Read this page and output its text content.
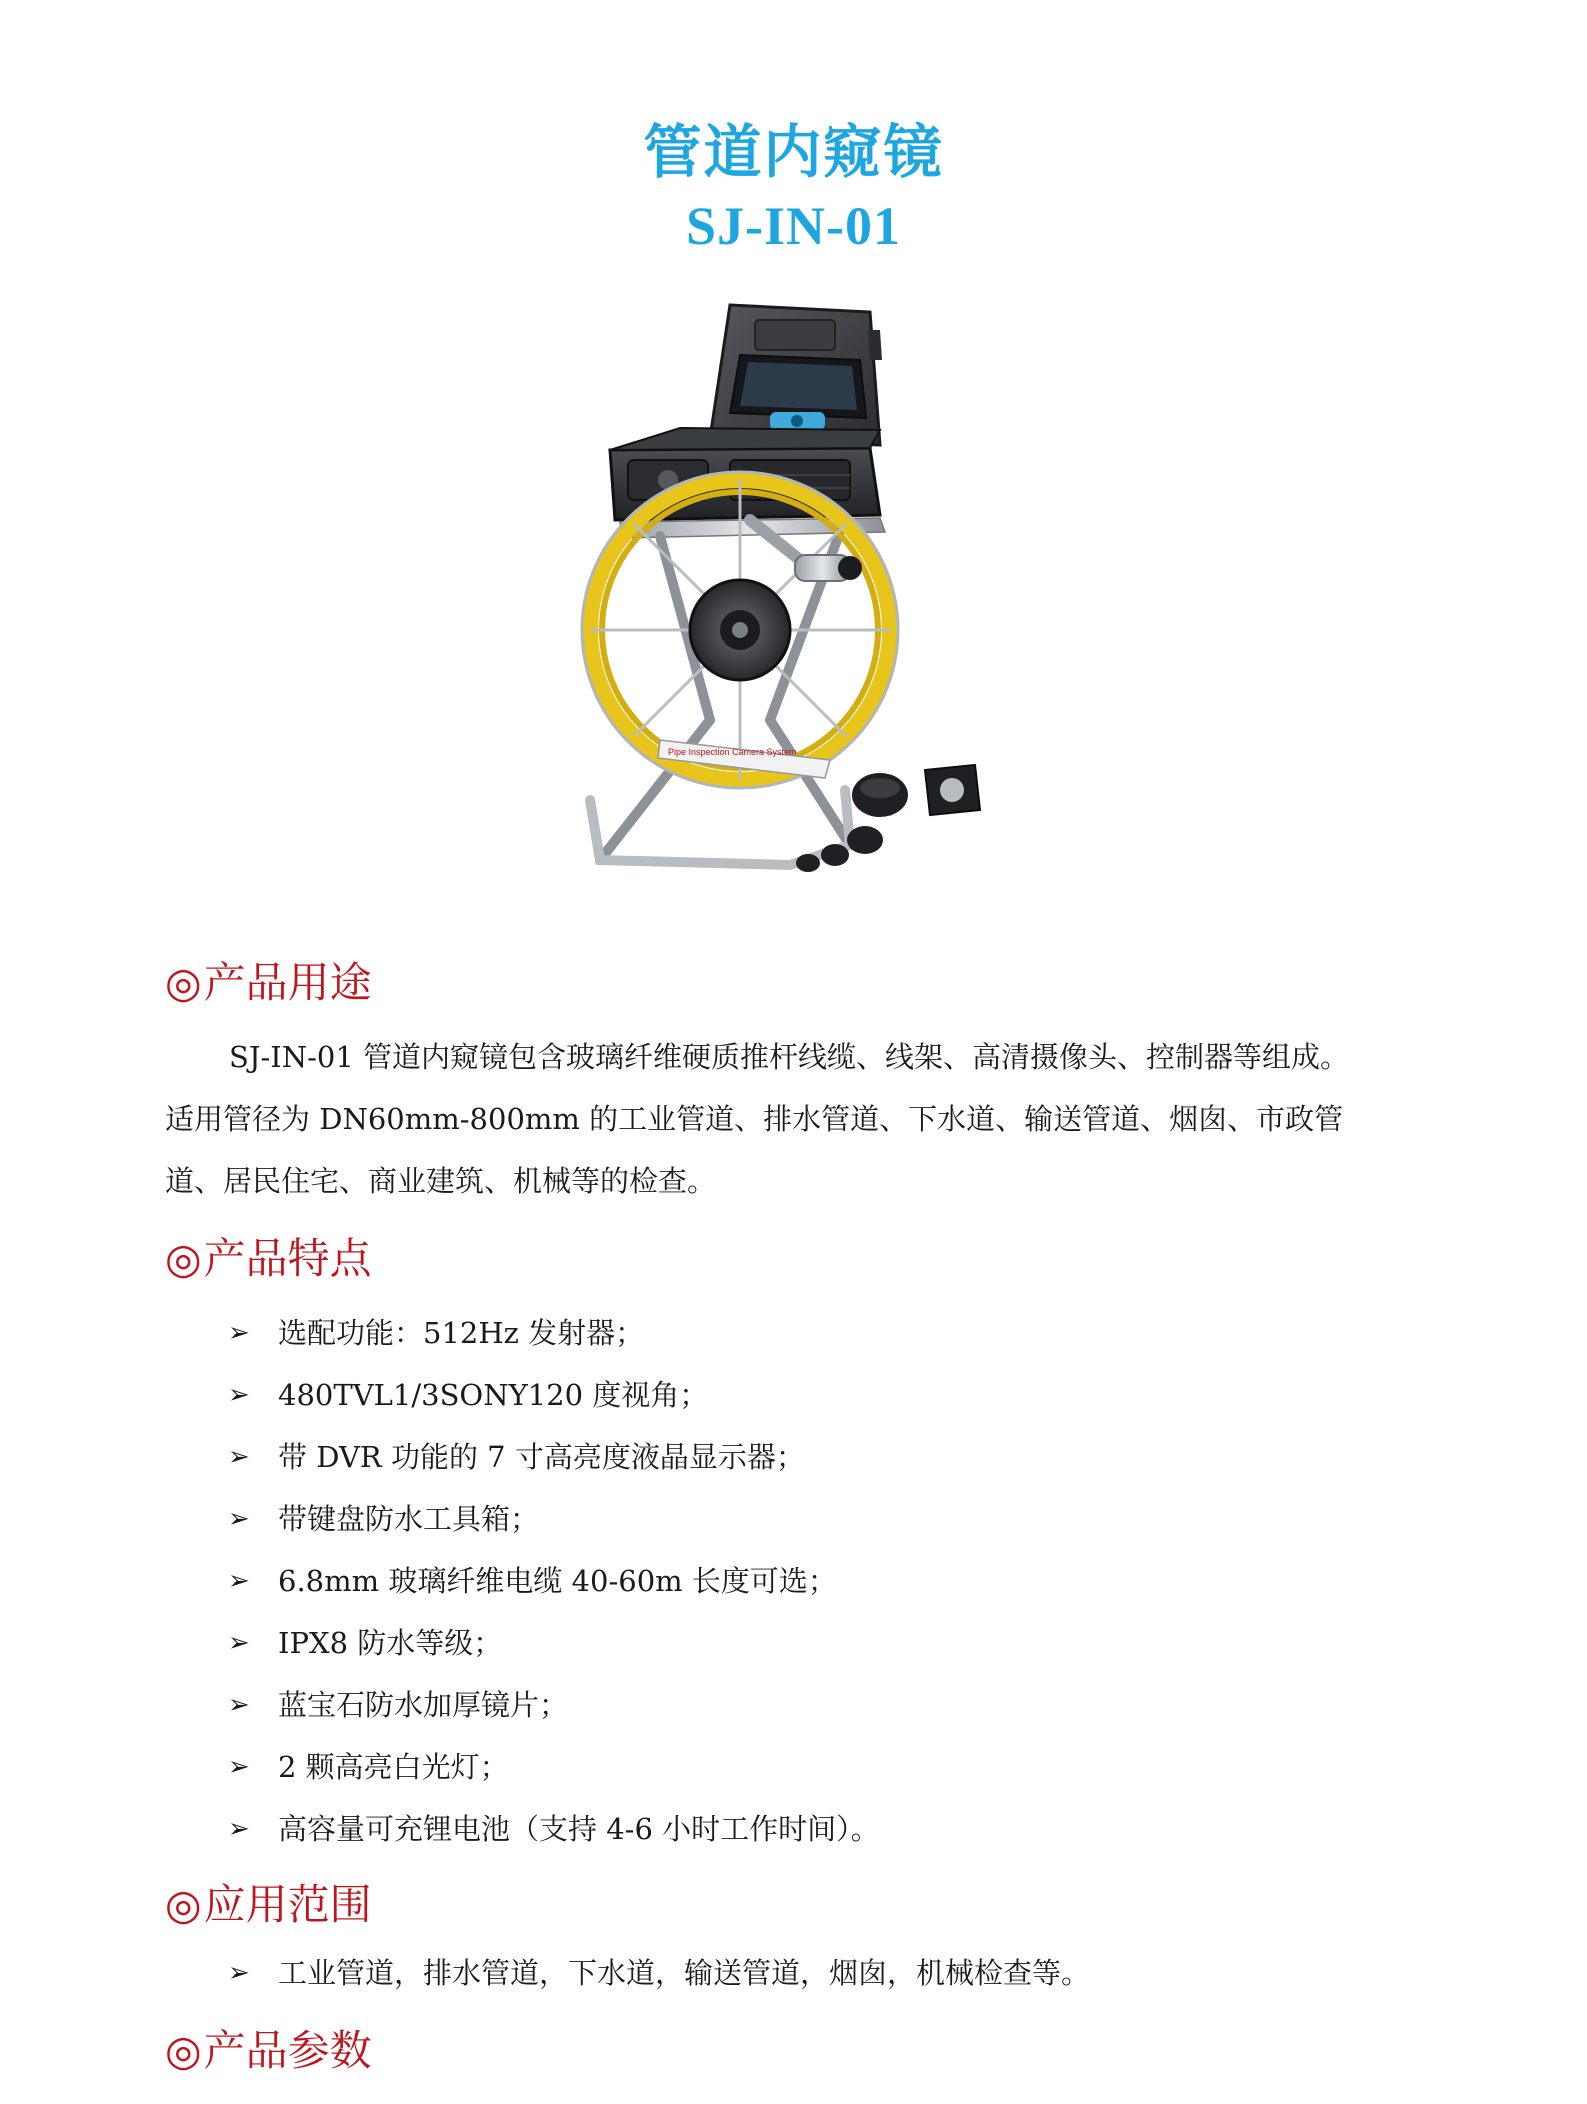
管道内窥镜
SJ-IN-01
Pipe Inspection Camera System
◎产品用途
SJ-IN-01 管道内窥镜包含玻璃纤维硬质推杆线缆、线架、高清摄像头、控制器等组成。
适用管径为 DN60mm-800mm 的工业管道、排水管道、下水道、输送管道、烟囱、市政管
道、居民住宅、商业建筑、机械等的检查。
◎产品特点
➢ 选配功能：512Hz 发射器；
➢ 480TVL1/3SONY120 度视角；
➢ 带 DVR 功能的 7 寸高亮度液晶显示器；
➢ 带键盘防水工具箱；
➢ 6.8mm 玻璃纤维电缆 40-60m 长度可选；
➢ IPX8 防水等级；
➢ 蓝宝石防水加厚镜片；
➢ 2 颗高亮白光灯；
➢ 高容量可充锂电池（支持 4-6 小时工作时间）。
◎应用范围
➢ 工业管道，排水管道，下水道，输送管道，烟囱，机械检查等。
◎产品参数
